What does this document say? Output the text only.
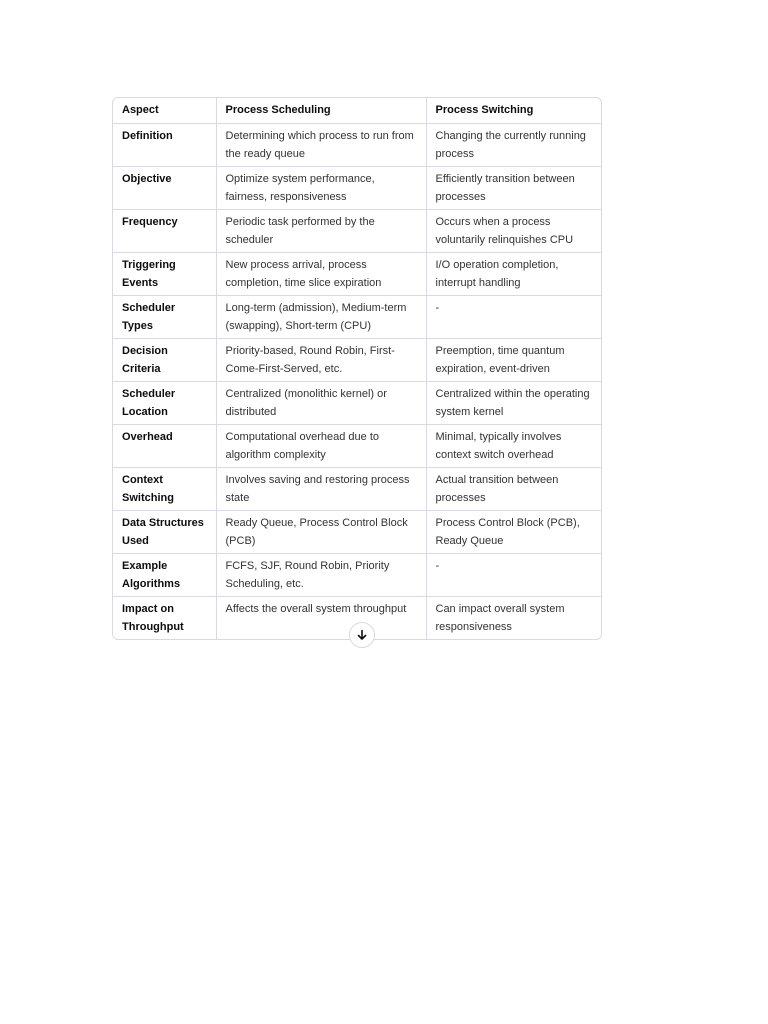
Aspect	Process Scheduling	Process Switching
Definition	Determining which process to run from the ready queue	Changing the currently running process
Objective	Optimize system performance, fairness, responsiveness	Efficiently transition between processes
Frequency	Periodic task performed by the scheduler	Occurs when a process voluntarily relinquishes CPU
Triggering Events	New process arrival, process completion, time slice expiration	I/O operation completion, interrupt handling
Scheduler Types	Long-term (admission), Medium-term (swapping), Short-term (CPU)	-
Decision Criteria	Priority-based, Round Robin, First-Come-First-Served, etc.	Preemption, time quantum expiration, event-driven
Scheduler Location	Centralized (monolithic kernel) or distributed	Centralized within the operating system kernel
Overhead	Computational overhead due to algorithm complexity	Minimal, typically involves context switch overhead
Context Switching	Involves saving and restoring process state	Actual transition between processes
Data Structures Used	Ready Queue, Process Control Block (PCB)	Process Control Block (PCB), Ready Queue
Example Algorithms	FCFS, SJF, Round Robin, Priority Scheduling, etc.	-
Impact on Throughput	Affects the overall system throughput	Can impact overall system responsiveness
